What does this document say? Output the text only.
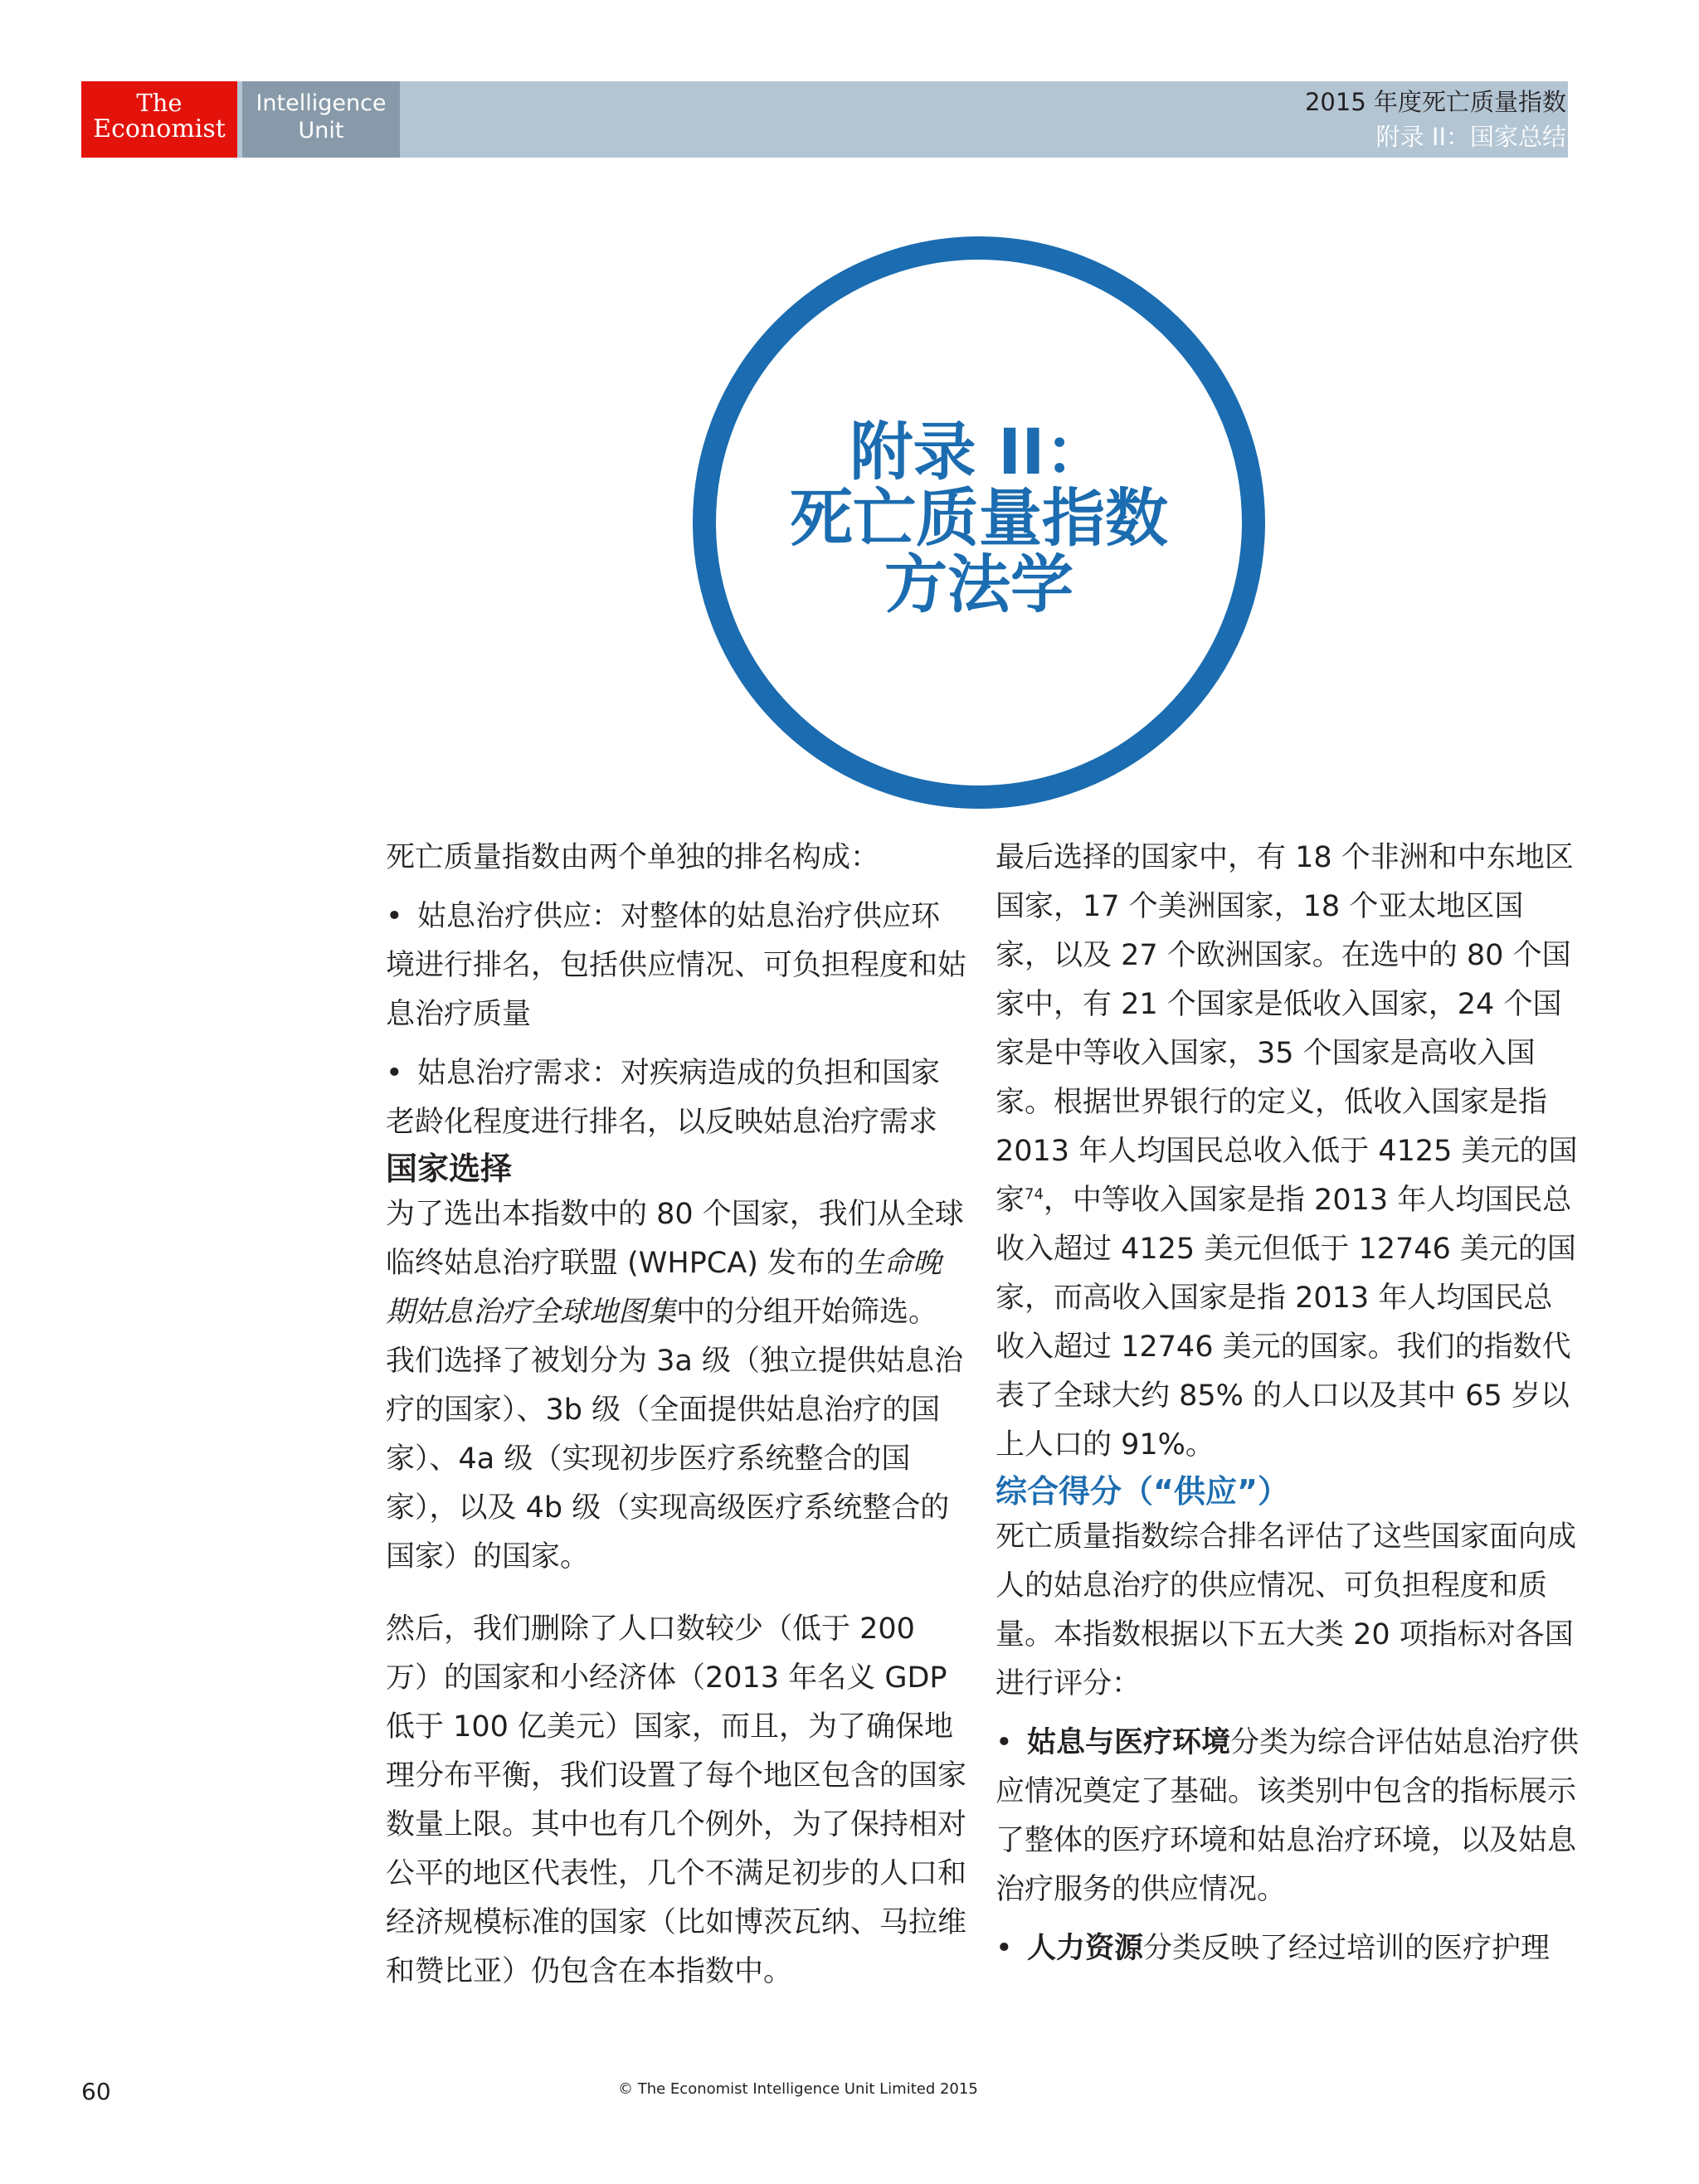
The
Economist
Intelligence
Unit
2015 年度死亡质量指数
附录 II：国家总结
附录 II：
死亡质量指数
方法学

死亡质量指数由两个单独的排名构成：

• 姑息治疗供应：对整体的姑息治疗供应环境进行排名，包括供应情况、可负担程度和姑息治疗质量

• 姑息治疗需求：对疾病造成的负担和国家老龄化程度进行排名，以反映姑息治疗需求

国家选择

为了选出本指数中的 80 个国家，我们从全球临终姑息治疗联盟 (WHPCA) 发布的生命晚期姑息治疗全球地图集中的分组开始筛选。我们选择了被划分为 3a 级（独立提供姑息治疗的国家）、3b 级（全面提供姑息治疗的国家）、4a 级（实现初步医疗系统整合的国家），以及 4b 级（实现高级医疗系统整合的国家）的国家。

然后，我们删除了人口数较少（低于 200 万）的国家和小经济体（2013 年名义 GDP 低于 100 亿美元）国家，而且，为了确保地理分布平衡，我们设置了每个地区包含的国家数量上限。其中也有几个例外，为了保持相对公平的地区代表性，几个不满足初步的人口和经济规模标准的国家（比如博茨瓦纳、马拉维和赞比亚）仍包含在本指数中。

最后选择的国家中，有 18 个非洲和中东地区国家，17 个美洲国家，18 个亚太地区国家，以及 27 个欧洲国家。在选中的 80 个国家中，有 21 个国家是低收入国家，24 个国家是中等收入国家，35 个国家是高收入国家。根据世界银行的定义，低收入国家是指 2013 年人均国民总收入低于 4125 美元的国家$^{74}$，中等收入国家是指 2013 年人均国民总收入超过 4125 美元但低于 12746 美元的国家，而高收入国家是指 2013 年人均国民总收入超过 12746 美元的国家。我们的指数代表了全球大约 85% 的人口以及其中 65 岁以上人口的 91%。

综合得分（“供应”）

死亡质量指数综合排名评估了这些国家面向成人的姑息治疗的供应情况、可负担程度和质量。本指数根据以下五大类 20 项指标对各国进行评分：

• 姑息与医疗环境分类为综合评估姑息治疗供应情况奠定了基础。该类别中包含的指标展示了整体的医疗环境和姑息治疗环境，以及姑息治疗服务的供应情况。

• 人力资源分类反映了经过培训的医疗护理

60	© The Economist Intelligence Unit Limited 2015
